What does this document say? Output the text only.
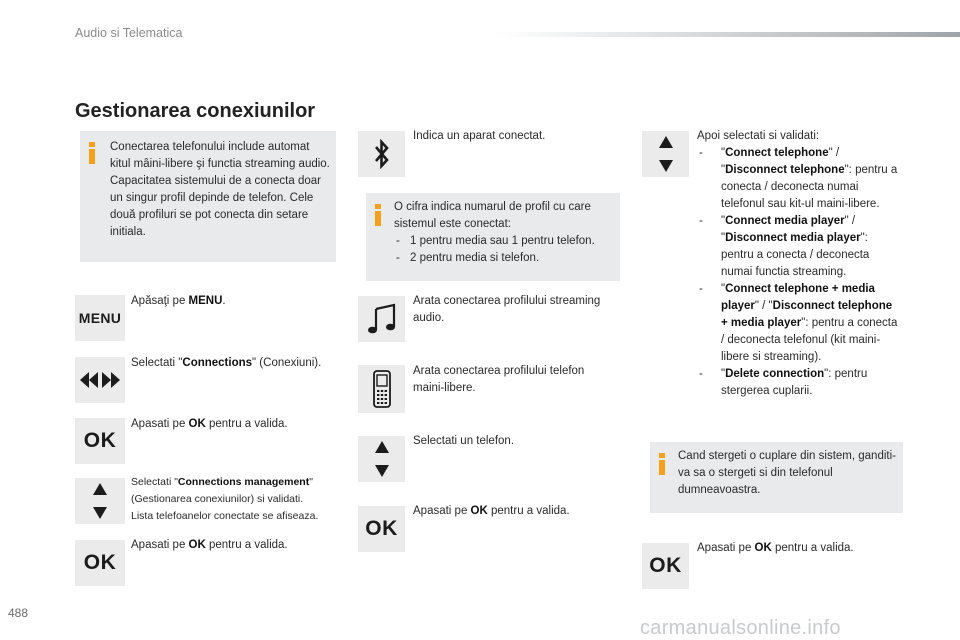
Audio si Telematica
Gestionarea conexiunilor
Conectarea telefonului include automat kitul mâini-libere şi functia streaming audio.
Capacitatea sistemului de a conecta doar un singur profil depinde de telefon. Cele două profiluri se pot conecta din setare initiala.
MENU
Apăsaţi pe MENU.
Selectati "Connections" (Conexiuni).
OK
Apasati pe OK pentru a valida.
Selectati "Connections management"
(Gestionarea conexiunilor) si validati.
Lista telefoanelor conectate se afiseaza.
OK
Apasati pe OK pentru a valida.
Indica un aparat conectat.
O cifra indica numarul de profil cu care sistemul este conectat:
- 1 pentru media sau 1 pentru telefon.
- 2 pentru media si telefon.
Arata conectarea profilului streaming audio.
Arata conectarea profilului telefon maini-libere.
Selectati un telefon.
OK
Apasati pe OK pentru a valida.
Apoi selectati si validati:
- "Connect telephone" / "Disconnect telephone": pentru a conecta / deconecta numai telefonul sau kit-ul maini-libere.
- "Connect media player" / "Disconnect media player": pentru a conecta / deconecta numai functia streaming.
- "Connect telephone + media player" / "Disconnect telephone + media player": pentru a conecta / deconecta telefonul (kit maini-libere si streaming).
- "Delete connection": pentru stergerea cuplarii.
Cand stergeti o cuplare din sistem, ganditi-va sa o stergeti si din telefonul dumneavoastra.
OK
Apasati pe OK pentru a valida.
488
carmanualsonline.info
